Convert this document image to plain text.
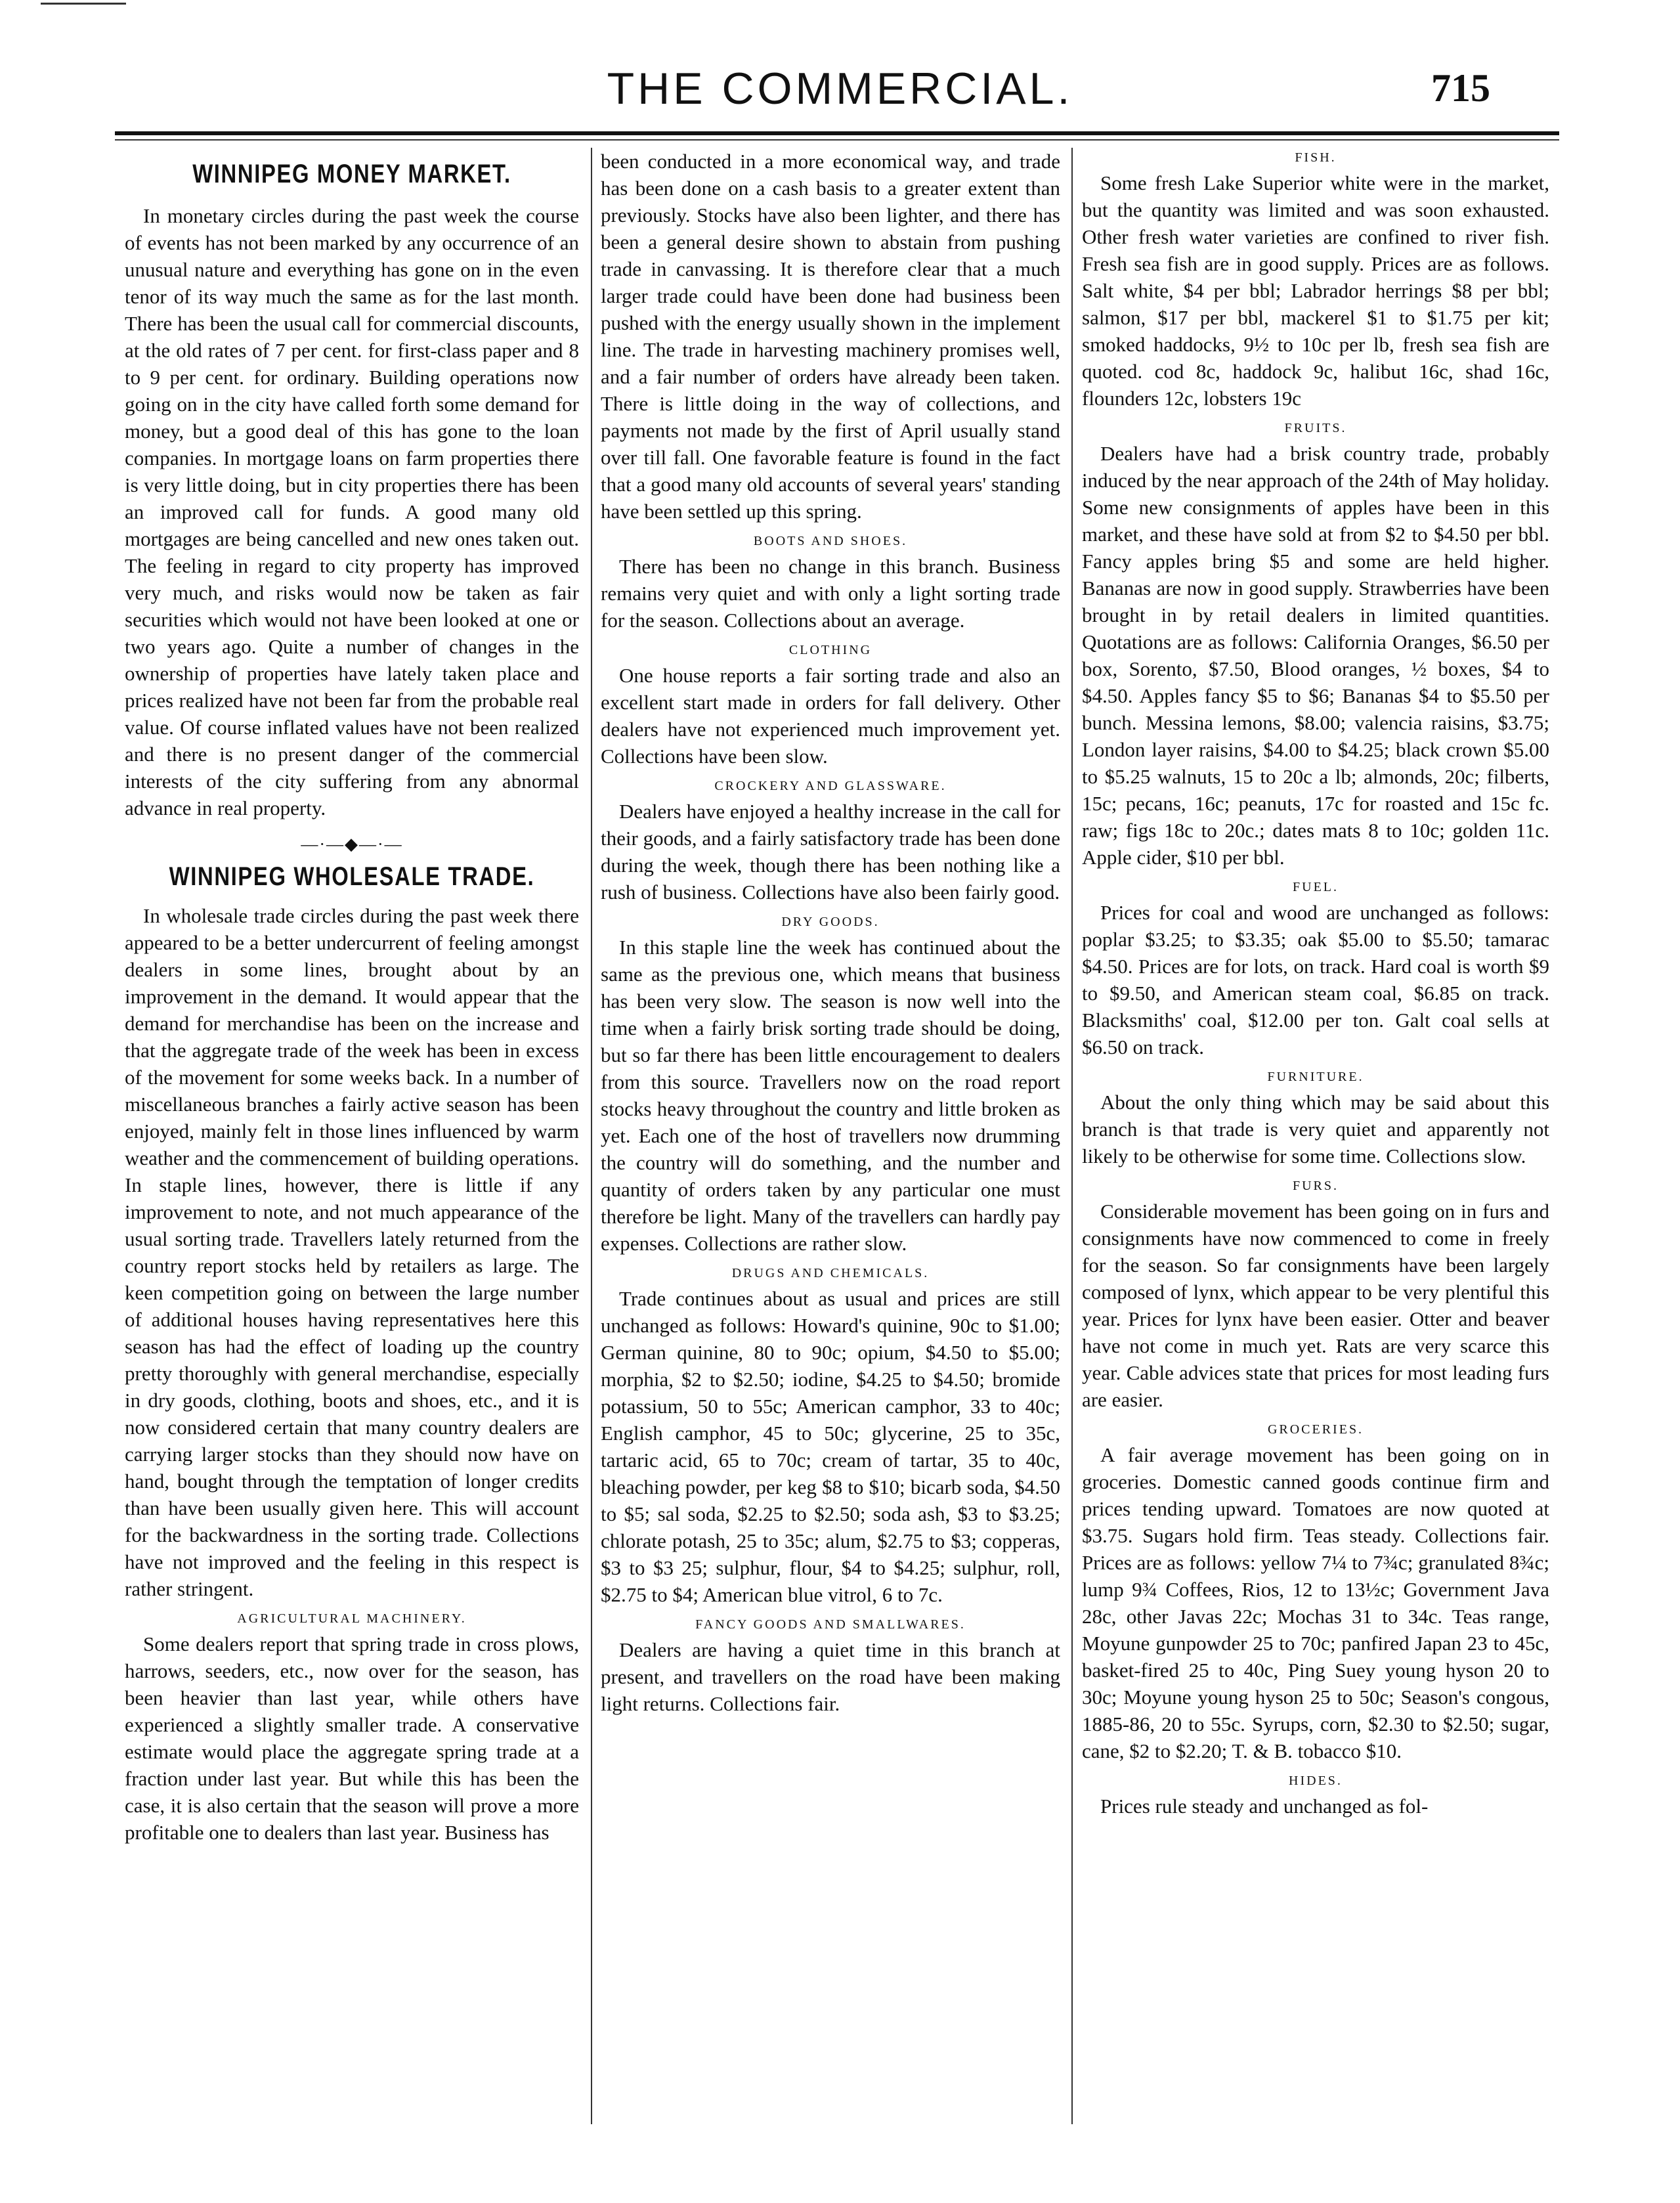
THE COMMERCIAL.	715
WINNIPEG MONEY MARKET.

In monetary circles during the past week the course of events has not been marked by any occurrence of an unusual nature and everything has gone on in the even tenor of its way much the same as for the last month. There has been the usual call for commercial discounts, at the old rates of 7 per cent. for first-class paper and 8 to 9 per cent. for ordinary. Building operations now going on in the city have called forth some demand for money, but a good deal of this has gone to the loan companies. In mortgage loans on farm properties there is very little doing, but in city properties there has been an improved call for funds. A good many old mortgages are being cancelled and new ones taken out. The feeling in regard to city property has improved very much, and risks would now be taken as fair securities which would not have been looked at one or two years ago. Quite a number of changes in the ownership of properties have lately taken place and prices realized have not been far from the probable real value. Of course inflated values have not been realized and there is no present danger of the commercial interests of the city suffering from any abnormal advance in real property.

—·—◆—·—
WINNIPEG WHOLESALE TRADE.

In wholesale trade circles during the past week there appeared to be a better undercurrent of feeling amongst dealers in some lines, brought about by an improvement in the demand. It would appear that the demand for merchandise has been on the increase and that the aggregate trade of the week has been in excess of the movement for some weeks back. In a number of miscellaneous branches a fairly active season has been enjoyed, mainly felt in those lines influenced by warm weather and the commencement of building operations. In staple lines, however, there is little if any improvement to note, and not much appearance of the usual sorting trade. Travellers lately returned from the country report stocks held by retailers as large. The keen competition going on between the large number of additional houses having representatives here this season has had the effect of loading up the country pretty thoroughly with general merchandise, especially in dry goods, clothing, boots and shoes, etc., and it is now considered certain that many country dealers are carrying larger stocks than they should now have on hand, bought through the temptation of longer credits than have been usually given here. This will account for the backwardness in the sorting trade. Collections have not improved and the feeling in this respect is rather stringent.

AGRICULTURAL MACHINERY.

Some dealers report that spring trade in cross plows, harrows, seeders, etc., now over for the season, has been heavier than last year, while others have experienced a slightly smaller trade. A conservative estimate would place the aggregate spring trade at a fraction under last year. But while this has been the case, it is also certain that the season will prove a more profitable one to dealers than last year. Business has

been conducted in a more economical way, and trade has been done on a cash basis to a greater extent than previously. Stocks have also been lighter, and there has been a general desire shown to abstain from pushing trade in canvassing. It is therefore clear that a much larger trade could have been done had business been pushed with the energy usually shown in the implement line. The trade in harvesting machinery promises well, and a fair number of orders have already been taken. There is little doing in the way of collections, and payments not made by the first of April usually stand over till fall. One favorable feature is found in the fact that a good many old accounts of several years' standing have been settled up this spring.

BOOTS AND SHOES.

There has been no change in this branch. Business remains very quiet and with only a light sorting trade for the season. Collections about an average.

CLOTHING

One house reports a fair sorting trade and also an excellent start made in orders for fall delivery. Other dealers have not experienced much improvement yet. Collections have been slow.

CROCKERY AND GLASSWARE.

Dealers have enjoyed a healthy increase in the call for their goods, and a fairly satisfactory trade has been done during the week, though there has been nothing like a rush of business. Collections have also been fairly good.

DRY GOODS.

In this staple line the week has continued about the same as the previous one, which means that business has been very slow. The season is now well into the time when a fairly brisk sorting trade should be doing, but so far there has been little encouragement to dealers from this source. Travellers now on the road report stocks heavy throughout the country and little broken as yet. Each one of the host of travellers now drumming the country will do something, and the number and quantity of orders taken by any particular one must therefore be light. Many of the travellers can hardly pay expenses. Collections are rather slow.

DRUGS AND CHEMICALS.

Trade continues about as usual and prices are still unchanged as follows: Howard's quinine, 90c to $1.00; German quinine, 80 to 90c; opium, $4.50 to $5.00; morphia, $2 to $2.50; iodine, $4.25 to $4.50; bromide potassium, 50 to 55c; American camphor, 33 to 40c; English camphor, 45 to 50c; glycerine, 25 to 35c, tartaric acid, 65 to 70c; cream of tartar, 35 to 40c, bleaching powder, per keg $8 to $10; bicarb soda, $4.50 to $5; sal soda, $2.25 to $2.50; soda ash, $3 to $3.25; chlorate potash, 25 to 35c; alum, $2.75 to $3; copperas, $3 to $3 25; sulphur, flour, $4 to $4.25; sulphur, roll, $2.75 to $4; American blue vitrol, 6 to 7c.

FANCY GOODS AND SMALLWARES.

Dealers are having a quiet time in this branch at present, and travellers on the road have been making light returns. Collections fair.

FISH.

Some fresh Lake Superior white were in the market, but the quantity was limited and was soon exhausted. Other fresh water varieties are confined to river fish. Fresh sea fish are in good supply. Prices are as follows. Salt white, $4 per bbl; Labrador herrings $8 per bbl; salmon, $17 per bbl, mackerel $1 to $1.75 per kit; smoked haddocks, 9½ to 10c per lb, fresh sea fish are quoted. cod 8c, haddock 9c, halibut 16c, shad 16c, flounders 12c, lobsters 19c

FRUITS.

Dealers have had a brisk country trade, probably induced by the near approach of the 24th of May holiday. Some new consignments of apples have been in this market, and these have sold at from $2 to $4.50 per bbl. Fancy apples bring $5 and some are held higher. Bananas are now in good supply. Strawberries have been brought in by retail dealers in limited quantities. Quotations are as follows: California Oranges, $6.50 per box, Sorento, $7.50, Blood oranges, ½ boxes, $4 to $4.50. Apples fancy $5 to $6; Bananas $4 to $5.50 per bunch. Messina lemons, $8.00; valencia raisins, $3.75; London layer raisins, $4.00 to $4.25; black crown $5.00 to $5.25 walnuts, 15 to 20c a lb; almonds, 20c; filberts, 15c; pecans, 16c; peanuts, 17c for roasted and 15c fc. raw; figs 18c to 20c.; dates mats 8 to 10c; golden 11c. Apple cider, $10 per bbl.

FUEL.

Prices for coal and wood are unchanged as follows: poplar $3.25; to $3.35; oak $5.00 to $5.50; tamarac $4.50. Prices are for lots, on track. Hard coal is worth $9 to $9.50, and American steam coal, $6.85 on track. Blacksmiths' coal, $12.00 per ton. Galt coal sells at $6.50 on track.

FURNITURE.

About the only thing which may be said about this branch is that trade is very quiet and apparently not likely to be otherwise for some time. Collections slow.

FURS.

Considerable movement has been going on in furs and consignments have now commenced to come in freely for the season. So far consignments have been largely composed of lynx, which appear to be very plentiful this year. Prices for lynx have been easier. Otter and beaver have not come in much yet. Rats are very scarce this year. Cable advices state that prices for most leading furs are easier.

GROCERIES.

A fair average movement has been going on in groceries. Domestic canned goods continue firm and prices tending upward. Tomatoes are now quoted at $3.75. Sugars hold firm. Teas steady. Collections fair. Prices are as follows: yellow 7¼ to 7¾c; granulated 8¾c; lump 9¾ Coffees, Rios, 12 to 13½c; Government Java 28c, other Javas 22c; Mochas 31 to 34c. Teas range, Moyune gunpowder 25 to 70c; panfired Japan 23 to 45c, basket-fired 25 to 40c, Ping Suey young hyson 20 to 30c; Moyune young hyson 25 to 50c; Season's congous, 1885-86, 20 to 55c. Syrups, corn, $2.30 to $2.50; sugar, cane, $2 to $2.20; T. & B. tobacco $10.

HIDES.

Prices rule steady and unchanged as fol-
